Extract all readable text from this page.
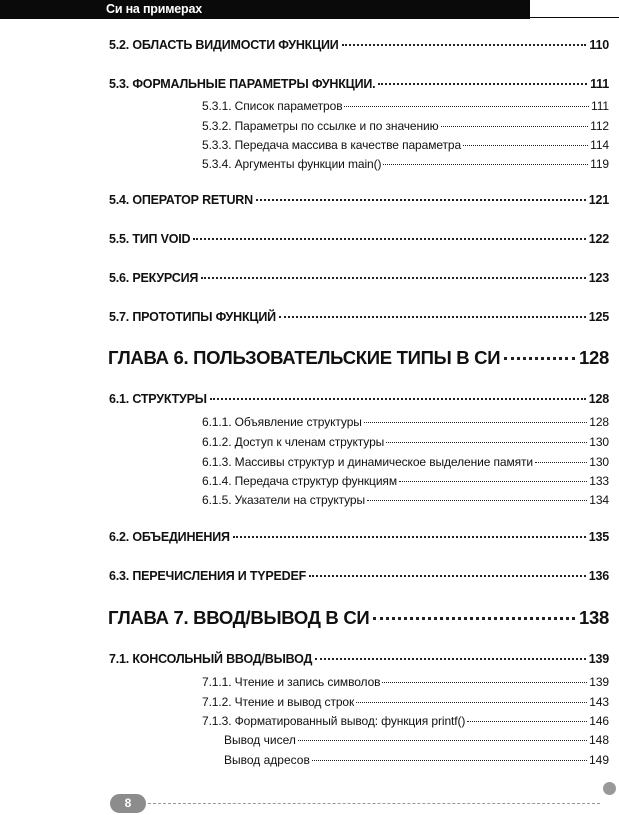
Си на примерах
5.2. ОБЛАСТЬ ВИДИМОСТИ ФУНКЦИИ	110
5.3. ФОРМАЛЬНЫЕ ПАРАМЕТРЫ ФУНКЦИИ.	111
5.3.1. Список параметров	111
5.3.2. Параметры по ссылке и по значению	112
5.3.3. Передача массива в качестве параметра	114
5.3.4. Аргументы функции main()	119
5.4. ОПЕРАТОР RETURN	121
5.5. ТИП VOID	122
5.6. РЕКУРСИЯ	123
5.7. ПРОТОТИПЫ ФУНКЦИЙ	125
ГЛАВА 6. ПОЛЬЗОВАТЕЛЬСКИЕ ТИПЫ В СИ	128
6.1. СТРУКТУРЫ	128
6.1.1. Объявление структуры	128
6.1.2. Доступ к членам структуры	130
6.1.3. Массивы структур и динамическое выделение памяти	130
6.1.4. Передача структур функциям	133
6.1.5. Указатели на структуры	134
6.2. ОБЪЕДИНЕНИЯ	135
6.3. ПЕРЕЧИСЛЕНИЯ И TYPEDEF	136
ГЛАВА 7. ВВОД/ВЫВОД В СИ	138
7.1. КОНСОЛЬНЫЙ ВВОД/ВЫВОД	139
7.1.1. Чтение и запись символов	139
7.1.2. Чтение и вывод строк	143
7.1.3. Форматированный вывод: функция printf()	146
Вывод чисел	148
Вывод адресов	149
8
